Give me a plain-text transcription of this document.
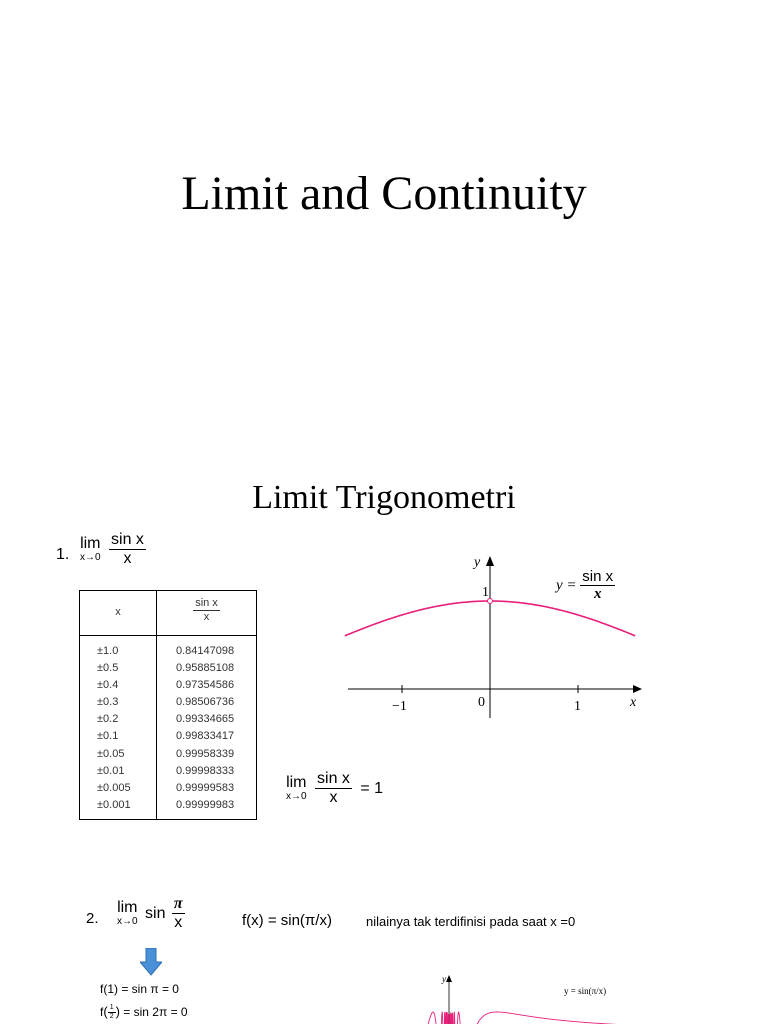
Limit and Continuity
Limit Trigonometri
1.
lim
x→0
$\frac{\text{sin x}}{x}$
x	$\frac{\text{sin x}}{x}$
±1.0	0.84147098
±0.5	0.95885108
±0.4	0.97354586
±0.3	0.98506736
±0.2	0.99334665
±0.1	0.99833417
±0.05	0.99958339
±0.01	0.99998333
±0.005	0.99999583
±0.001	0.99999983
y
1
0
−1	1	x
$y = \frac{\text{sin x}}{x}$
lim
x→0
$\frac{\text{sin x}}{x} = 1$
2.
lim
x→0 $\sin \frac{\pi}{x}$	f(x) = sin(π/x)	nilainya tak terdifinisi pada saat x =0
f(1) = sin π = 0
$f( \frac{1}{2}$ ) = sin 2π = 0
y
y = sin(π/x)
